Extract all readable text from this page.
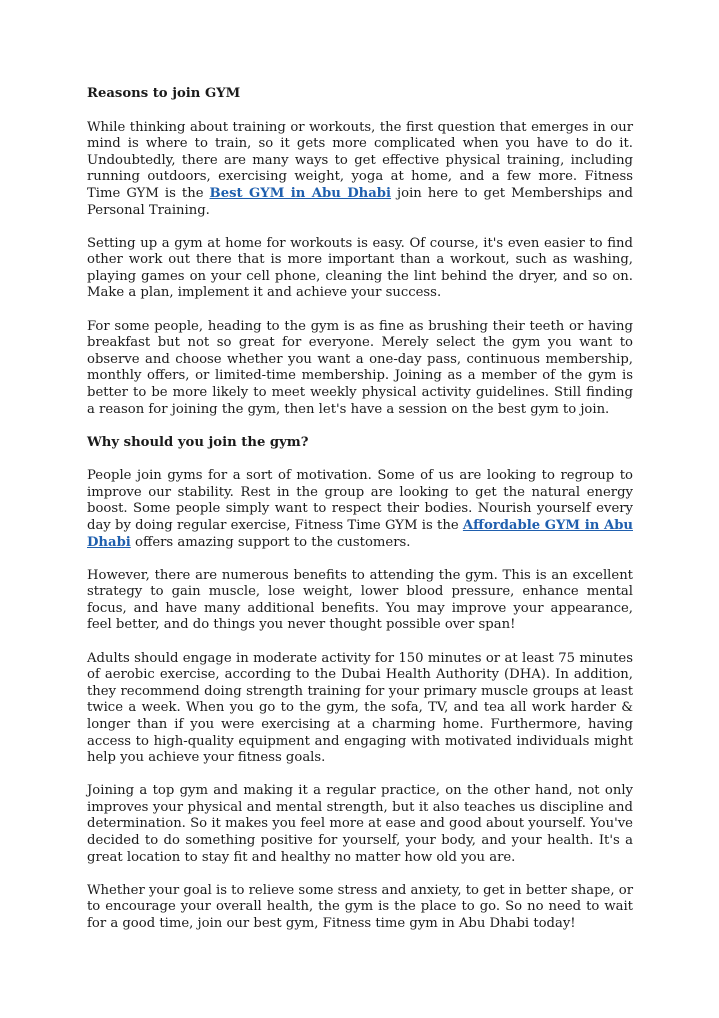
Reasons to join GYM

While thinking about training or workouts, the first question that emerges in our mind is where to train, so it gets more complicated when you have to do it. Undoubtedly, there are many ways to get effective physical training, including running outdoors, exercising weight, yoga at home, and a few more. Fitness Time GYM is the Best GYM in Abu Dhabi join here to get Memberships and Personal Training.

Setting up a gym at home for workouts is easy. Of course, it's even easier to find other work out there that is more important than a workout, such as washing, playing games on your cell phone, cleaning the lint behind the dryer, and so on. Make a plan, implement it and achieve your success.

For some people, heading to the gym is as fine as brushing their teeth or having breakfast but not so great for everyone. Merely select the gym you want to observe and choose whether you want a one-day pass, continuous membership, monthly offers, or limited-time membership. Joining as a member of the gym is better to be more likely to meet weekly physical activity guidelines. Still finding a reason for joining the gym, then let's have a session on the best gym to join.

Why should you join the gym?

People join gyms for a sort of motivation. Some of us are looking to regroup to improve our stability. Rest in the group are looking to get the natural energy boost. Some people simply want to respect their bodies. Nourish yourself every day by doing regular exercise, Fitness Time GYM is the Affordable GYM in Abu Dhabi offers amazing support to the customers.

However, there are numerous benefits to attending the gym. This is an excellent strategy to gain muscle, lose weight, lower blood pressure, enhance mental focus, and have many additional benefits. You may improve your appearance, feel better, and do things you never thought possible over span!

Adults should engage in moderate activity for 150 minutes or at least 75 minutes of aerobic exercise, according to the Dubai Health Authority (DHA). In addition, they recommend doing strength training for your primary muscle groups at least twice a week. When you go to the gym, the sofa, TV, and tea all work harder & longer than if you were exercising at a charming home. Furthermore, having access to high-quality equipment and engaging with motivated individuals might help you achieve your fitness goals.

Joining a top gym and making it a regular practice, on the other hand, not only improves your physical and mental strength, but it also teaches us discipline and determination. So it makes you feel more at ease and good about yourself. You've decided to do something positive for yourself, your body, and your health. It's a great location to stay fit and healthy no matter how old you are.

Whether your goal is to relieve some stress and anxiety, to get in better shape, or to encourage your overall health, the gym is the place to go. So no need to wait for a good time, join our best gym, Fitness time gym in Abu Dhabi today!
